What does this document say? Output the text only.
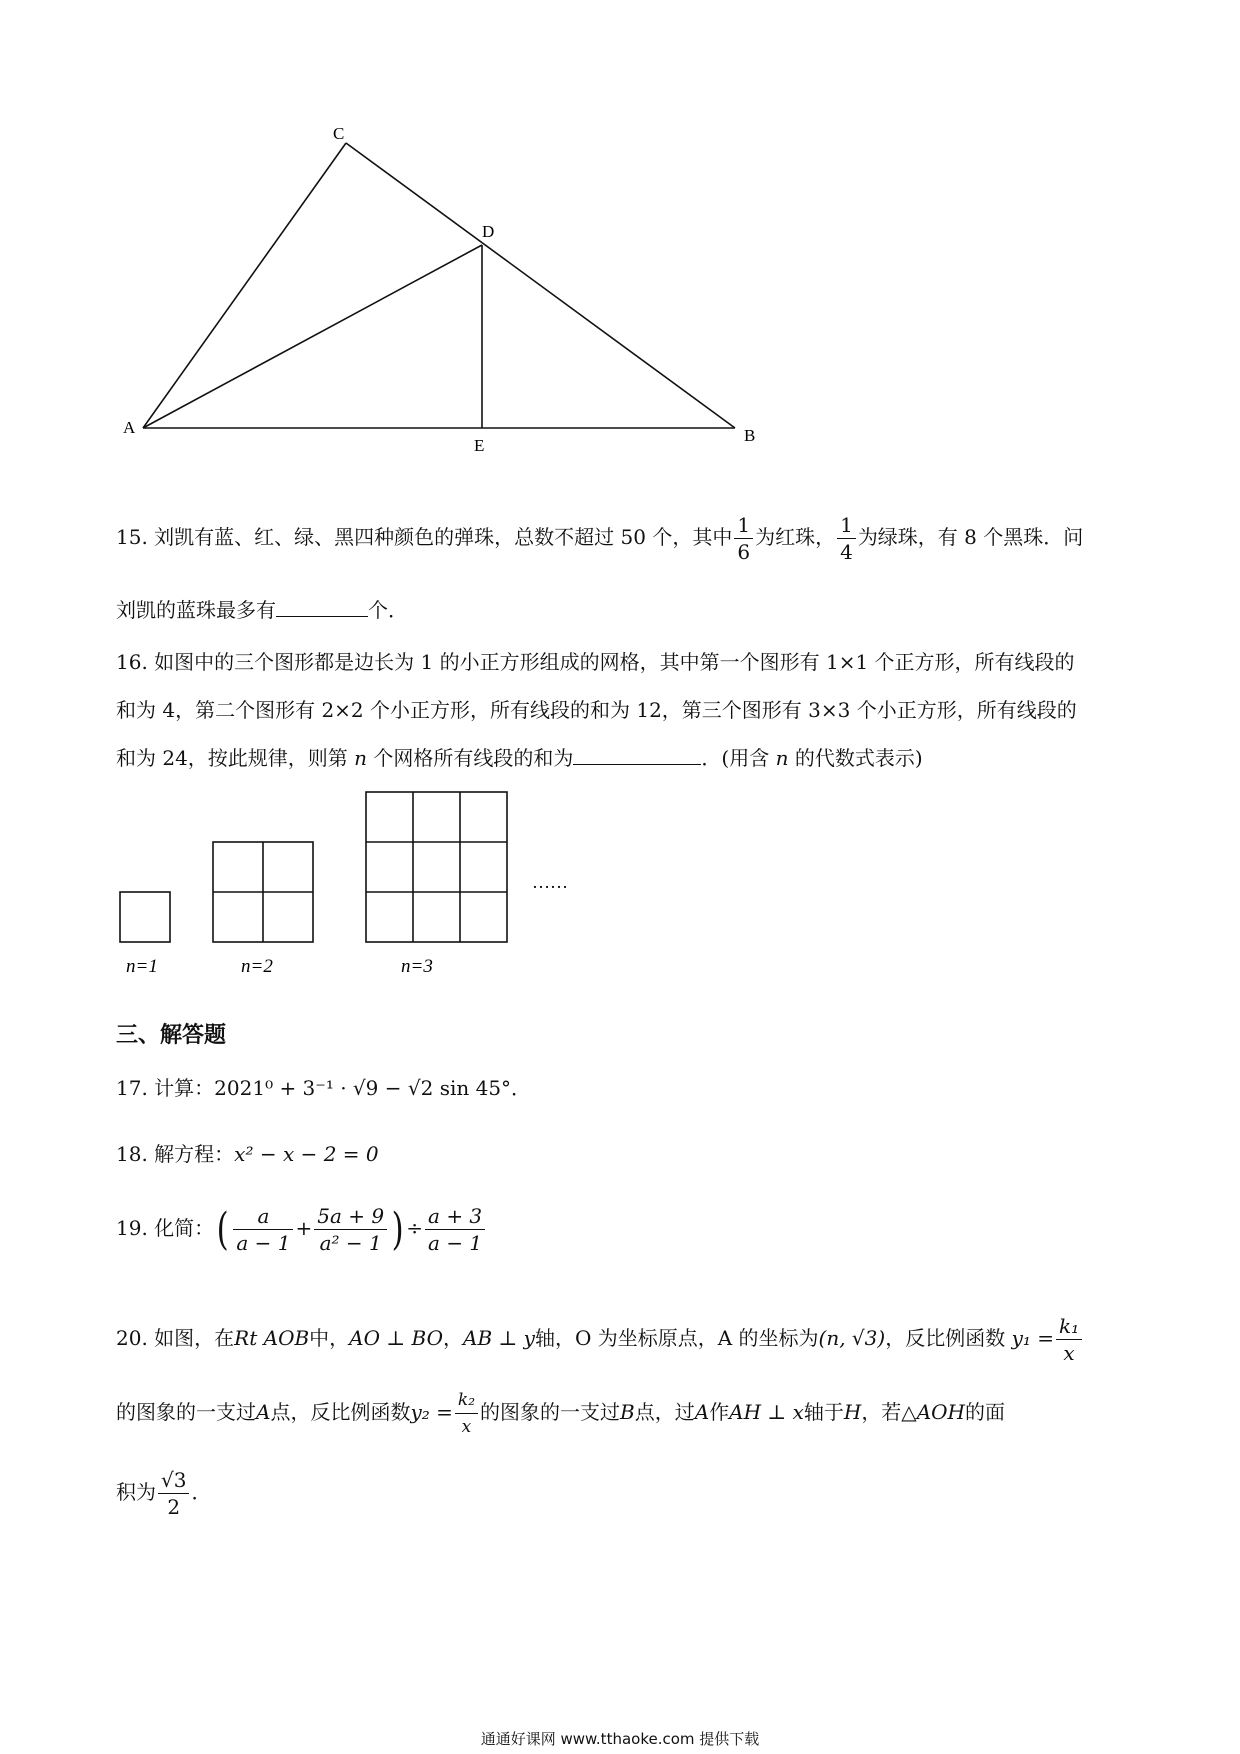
C
D
A
E
B
15. 刘凯有蓝、红、绿、黑四种颜色的弹珠，总数不超过 50 个，其中 $\frac{1}{6}$ 为红珠， $\frac{1}{4}$ 为绿珠，有 8 个黑珠．问
刘凯的蓝珠最多有	个．
16. 如图中的三个图形都是边长为 1 的小正方形组成的网格，其中第一个图形有 1×1 个正方形，所有线段的
和为 4，第二个图形有 2×2 个小正方形，所有线段的和为 12，第三个图形有 3×3 个小正方形，所有线段的
和为 24，按此规律，则第 n 个网格所有线段的和为	．(用含 n 的代数式表示)
……
n=1	n=2	n=3
三、解答题
17. 计算：2021⁰ + 3⁻¹ · √9 − √2 sin 45°．
18. 解方程：x² − x − 2 = 0
19. 化简：( $\frac{a}{a - 1} + \frac{5a + 9}{\text{a² − 1}}$ ) ÷ $\frac{a + 3}{a - 1}$
20. 如图，在Rt AOB中，AO ⊥ BO，AB ⊥ y轴，O 为坐标原点，A 的坐标为(n, √3)，反比例函数 $y_1 = \frac{\text{k₁}}{x}$
的图象的一支过A点，反比例函数$y_2 = \frac{\text{k₂}}{x}$ 的图象的一支过B点，过A作AH ⊥ x轴于H，若△AOH的面
积为 $\frac{√3}{2}$ ．
通通好课网 www.tthaoke.com 提供下载
